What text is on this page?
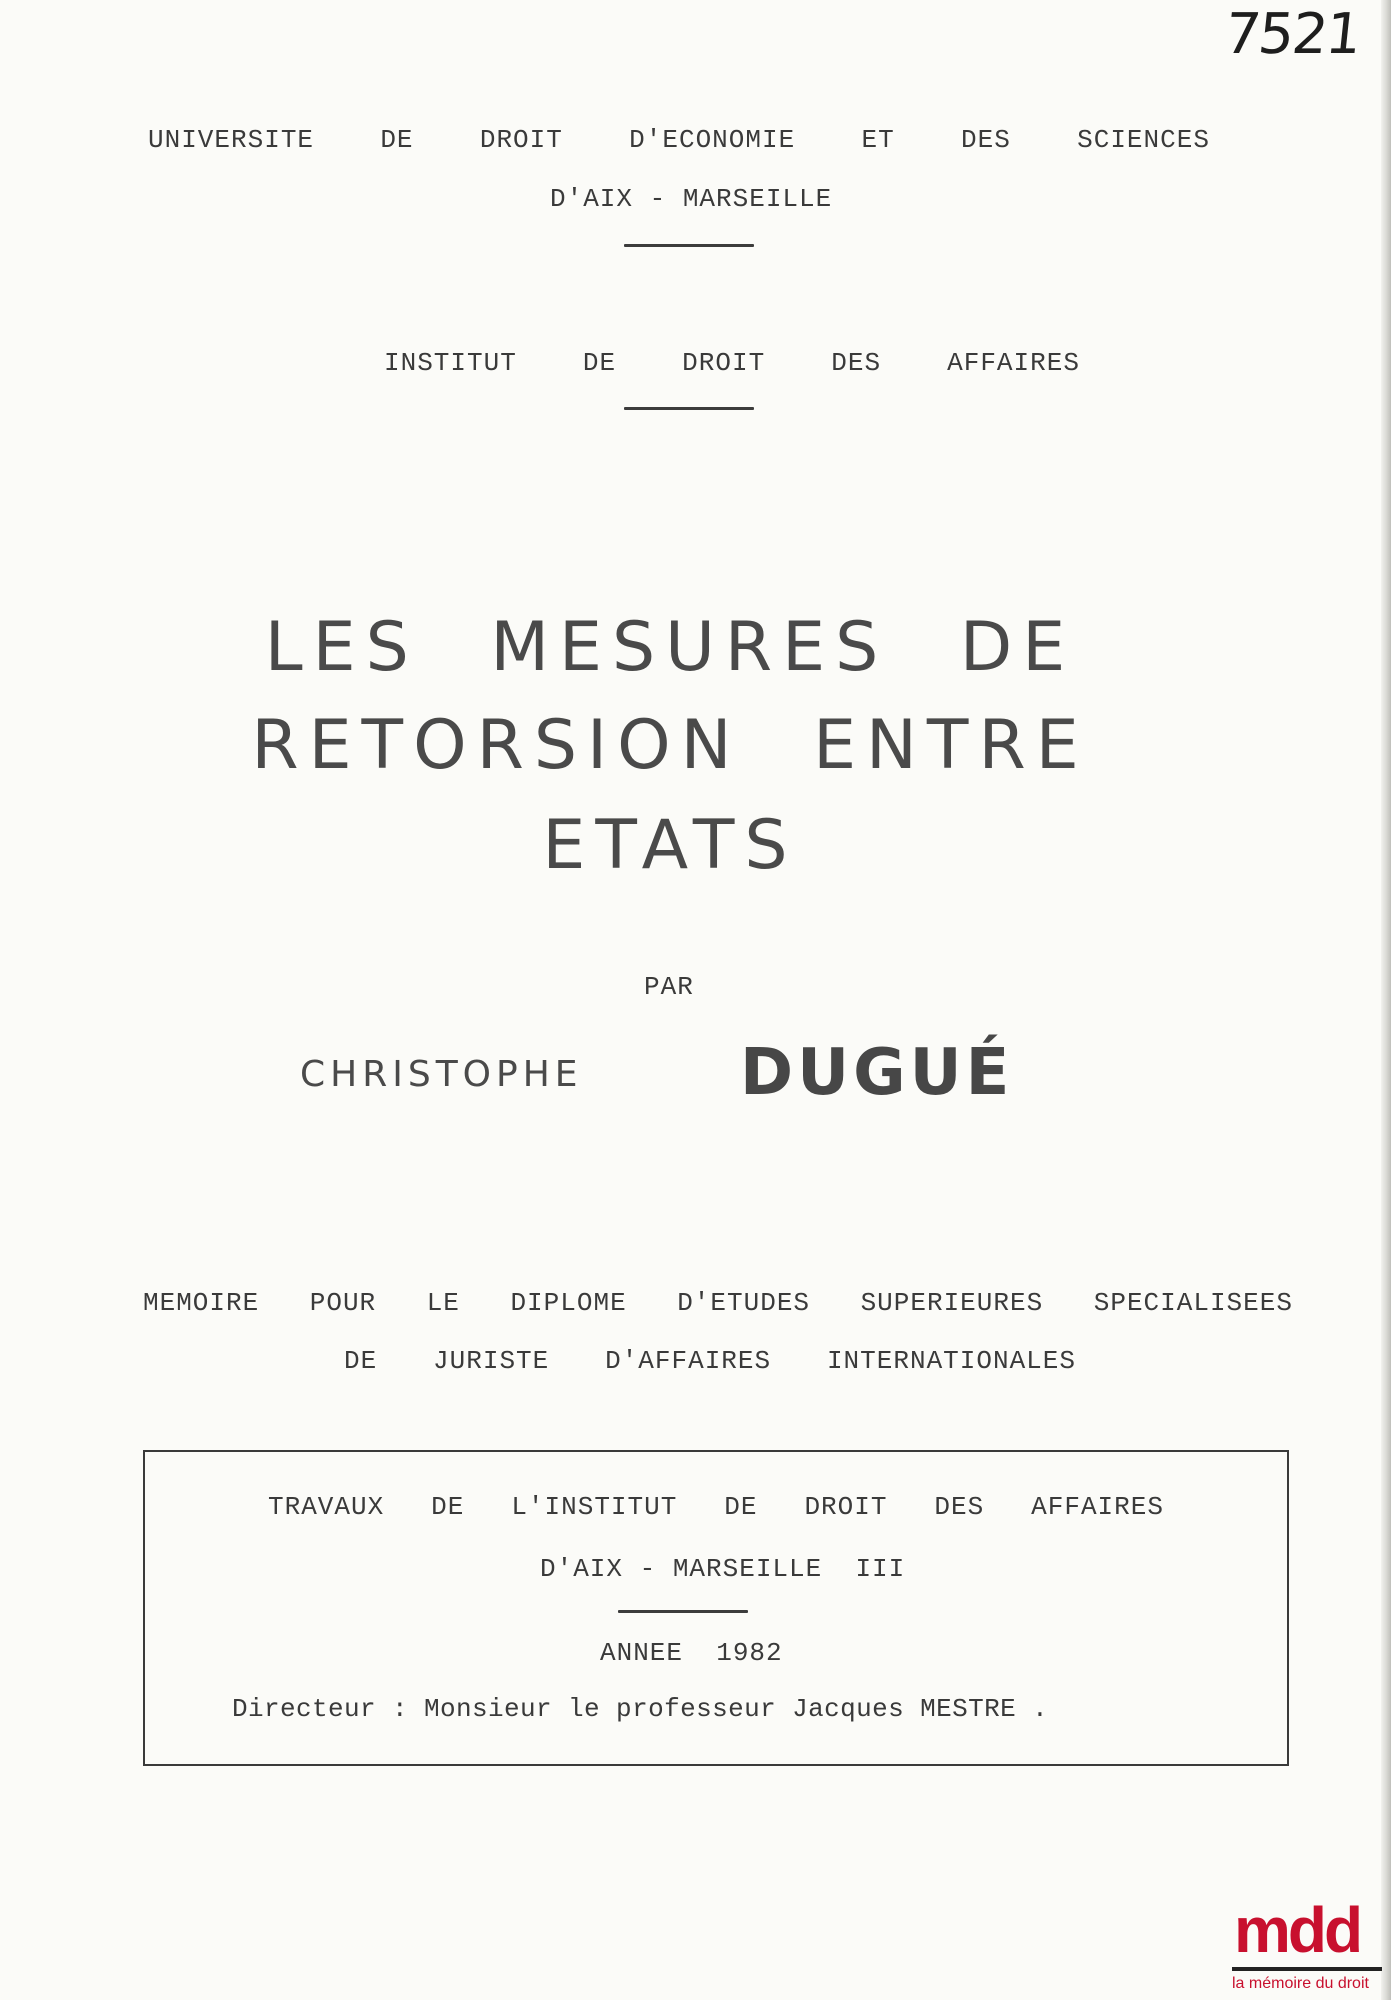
7521
UNIVERSITE	DE	DROIT	D'ECONOMIE	ET	DES	SCIENCES
D'AIX - MARSEILLE
INSTITUT	DE	DROIT	DES	AFFAIRES
LES MESURES DE
RETORSION ENTRE
ETATS
PAR
CHRISTOPHE DUGUÉ
MEMOIRE POUR LE DIPLOME D'ETUDES SUPERIEURES SPECIALISEES
DE JURISTE D'AFFAIRES INTERNATIONALES
TRAVAUX DE L'INSTITUT DE DROIT DES AFFAIRES
D'AIX - MARSEILLE  III
ANNEE  1982
Directeur : Monsieur le professeur Jacques MESTRE .
mdd
la mémoire du droit
